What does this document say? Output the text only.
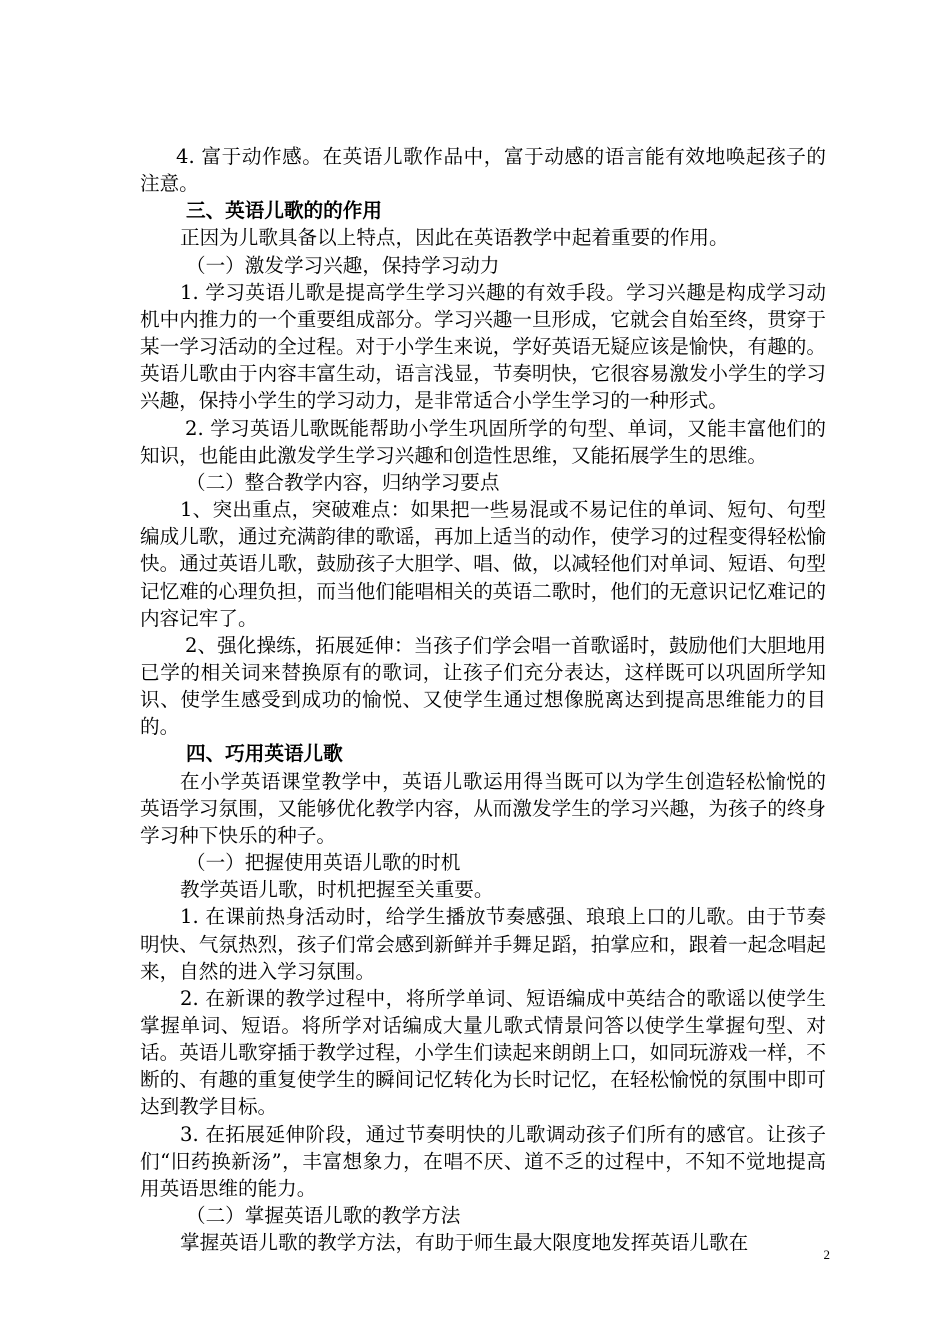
4. 富于动作感。在英语儿歌作品中，富于动感的语言能有效地唤起孩子的注意。

三、英语儿歌的的作用

正因为儿歌具备以上特点，因此在英语教学中起着重要的作用。

（一）激发学习兴趣，保持学习动力

1. 学习英语儿歌是提高学生学习兴趣的有效手段。学习兴趣是构成学习动机中内推力的一个重要组成部分。学习兴趣一旦形成，它就会自始至终，贯穿于某一学习活动的全过程。对于小学生来说，学好英语无疑应该是愉快，有趣的。英语儿歌由于内容丰富生动，语言浅显，节奏明快，它很容易激发小学生的学习兴趣，保持小学生的学习动力，是非常适合小学生学习的一种形式。

2. 学习英语儿歌既能帮助小学生巩固所学的句型、单词，又能丰富他们的知识，也能由此激发学生学习兴趣和创造性思维，又能拓展学生的思维。

（二）整合教学内容，归纳学习要点

1、突出重点，突破难点：如果把一些易混或不易记住的单词、短句、句型编成儿歌，通过充满韵律的歌谣，再加上适当的动作，使学习的过程变得轻松愉快。通过英语儿歌，鼓励孩子大胆学、唱、做，以减轻他们对单词、短语、句型记忆难的心理负担，而当他们能唱相关的英语二歌时，他们的无意识记忆难记的内容记牢了。

2、强化操练，拓展延伸：当孩子们学会唱一首歌谣时，鼓励他们大胆地用已学的相关词来替换原有的歌词，让孩子们充分表达，这样既可以巩固所学知识、使学生感受到成功的愉悦、又使学生通过想像脱离达到提高思维能力的目的。

四、巧用英语儿歌

在小学英语课堂教学中，英语儿歌运用得当既可以为学生创造轻松愉悦的英语学习氛围，又能够优化教学内容，从而激发学生的学习兴趣，为孩子的终身学习种下快乐的种子。

（一）把握使用英语儿歌的时机

教学英语儿歌，时机把握至关重要。

1. 在课前热身活动时，给学生播放节奏感强、琅琅上口的儿歌。由于节奏明快、气氛热烈，孩子们常会感到新鲜并手舞足蹈，拍掌应和，跟着一起念唱起来，自然的进入学习氛围。

2. 在新课的教学过程中，将所学单词、短语编成中英结合的歌谣以使学生掌握单词、短语。将所学对话编成大量儿歌式情景问答以使学生掌握句型、对话。英语儿歌穿插于教学过程，小学生们读起来朗朗上口，如同玩游戏一样，不断的、有趣的重复使学生的瞬间记忆转化为长时记忆，在轻松愉悦的氛围中即可达到教学目标。

3. 在拓展延伸阶段，通过节奏明快的儿歌调动孩子们所有的感官。让孩子们“旧药换新汤”，丰富想象力，在唱不厌、道不乏的过程中，不知不觉地提高用英语思维的能力。

（二）掌握英语儿歌的教学方法

掌握英语儿歌的教学方法，有助于师生最大限度地发挥英语儿歌在

2
